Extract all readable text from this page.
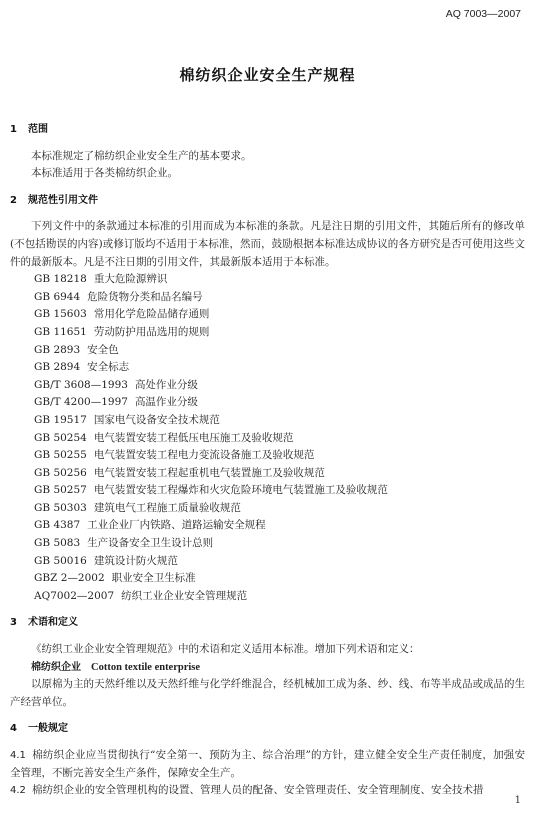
AQ 7003—2007
棉纺织企业安全生产规程
1 范围
本标准规定了棉纺织企业安全生产的基本要求。
本标准适用于各类棉纺织企业。
2 规范性引用文件
下列文件中的条款通过本标准的引用而成为本标准的条款。凡是注日期的引用文件，其随后所有的修改单(不包括勘误的内容)或修订版均不适用于本标准，然而，鼓励根据本标准达成协议的各方研究是否可使用这些文件的最新版本。凡是不注日期的引用文件，其最新版本适用于本标准。
GB 18218 重大危险源辨识
GB 6944 危险货物分类和品名编号
GB 15603 常用化学危险品储存通则
GB 11651 劳动防护用品选用的规则
GB 2893 安全色
GB 2894 安全标志
GB/T 3608—1993 高处作业分级
GB/T 4200—1997 高温作业分级
GB 19517 国家电气设备安全技术规范
GB 50254 电气装置安装工程低压电压施工及验收规范
GB 50255 电气装置安装工程电力变流设备施工及验收规范
GB 50256 电气装置安装工程起重机电气装置施工及验收规范
GB 50257 电气装置安装工程爆炸和火灾危险环境电气装置施工及验收规范
GB 50303 建筑电气工程施工质量验收规范
GB 4387 工业企业厂内铁路、道路运输安全规程
GB 5083 生产设备安全卫生设计总则
GB 50016 建筑设计防火规范
GBZ 2—2002 职业安全卫生标准
AQ7002—2007 纺织工业企业安全管理规范
3 术语和定义
《纺织工业企业安全管理规范》中的术语和定义适用本标准。增加下列术语和定义：
棉纺织企业 Cotton textile enterprise
以原棉为主的天然纤维以及天然纤维与化学纤维混合，经机械加工成为条、纱、线、布等半成品或成品的生产经营单位。
4 一般规定
4.1 棉纺织企业应当贯彻执行“安全第一、预防为主、综合治理”的方针，建立健全安全生产责任制度，加强安全管理，不断完善安全生产条件，保障安全生产。
4.2 棉纺织企业的安全管理机构的设置、管理人员的配备、安全管理责任、安全管理制度、安全技术措
1
